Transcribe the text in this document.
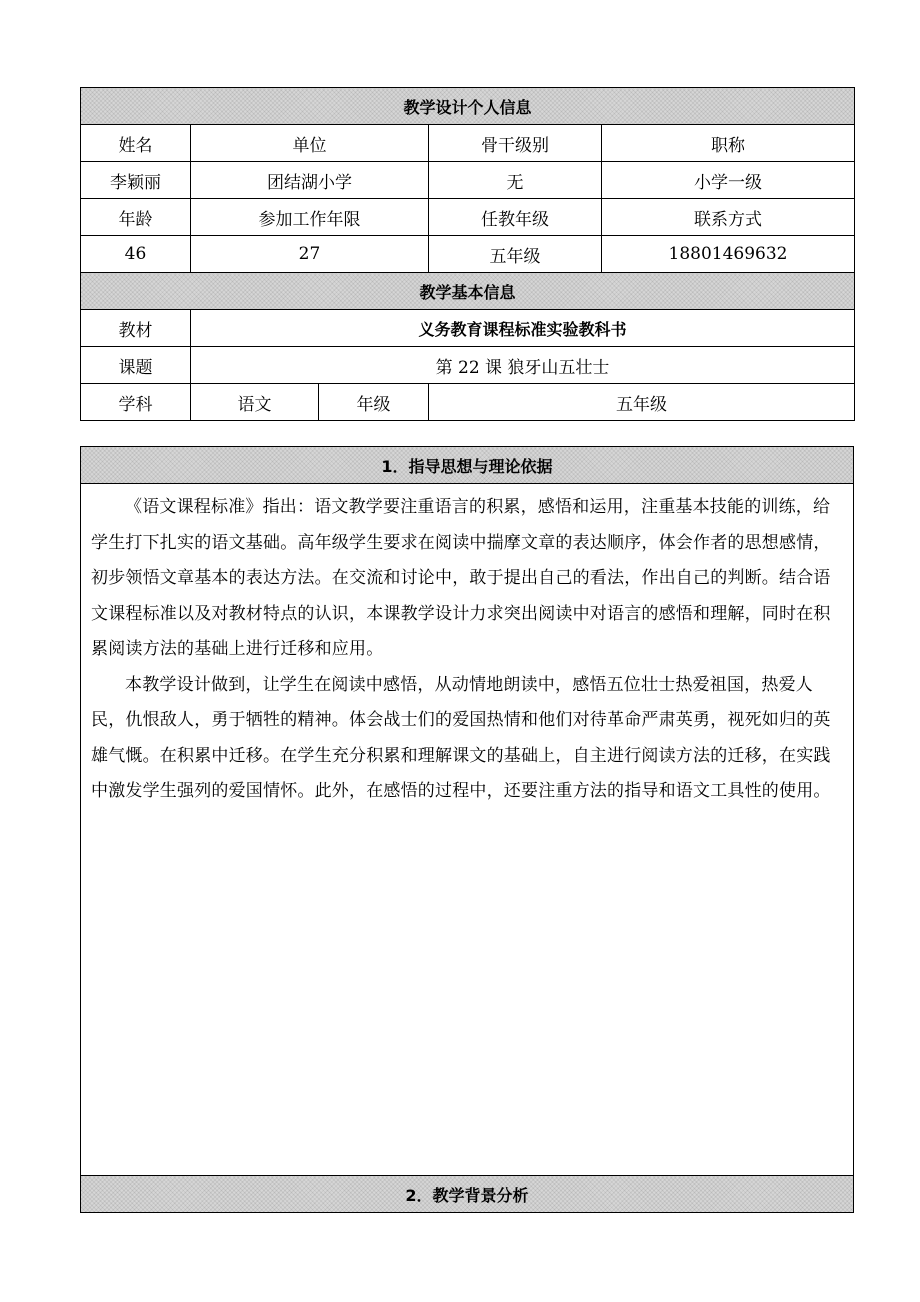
教学设计个人信息				
姓名	单位		骨干级别	职称
李颖丽	团结湖小学		无	小学一级
年龄	参加工作年限		任教年级	联系方式
46	27		五年级	18801469632
教学基本信息				
教材	义务教育课程标准实验教科书			
课题	第 22 课 狼牙山五壮士			
学科	语文	年级	五年级	
1．指导思想与理论依据

《语文课程标准》指出：语文教学要注重语言的积累，感悟和运用，注重基本技能的训练，给学生打下扎实的语文基础。高年级学生要求在阅读中揣摩文章的表达顺序，体会作者的思想感情，初步领悟文章基本的表达方法。在交流和讨论中，敢于提出自己的看法，作出自己的判断。结合语文课程标准以及对教材特点的认识，本课教学设计力求突出阅读中对语言的感悟和理解，同时在积累阅读方法的基础上进行迁移和应用。

本教学设计做到，让学生在阅读中感悟，从动情地朗读中，感悟五位壮士热爱祖国，热爱人民，仇恨敌人，勇于牺牲的精神。体会战士们的爱国热情和他们对待革命严肃英勇，视死如归的英雄气慨。在积累中迁移。在学生充分积累和理解课文的基础上，自主进行阅读方法的迁移，在实践中激发学生强列的爱国情怀。此外，在感悟的过程中，还要注重方法的指导和语文工具性的使用。

2．教学背景分析
